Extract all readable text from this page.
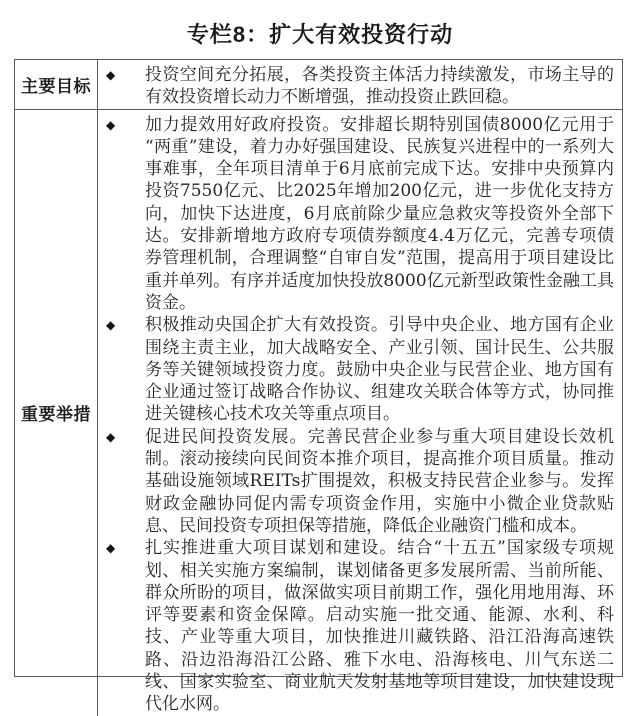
专栏8：扩大有效投资行动
主要目标
◆	投资空间充分拓展，各类投资主体活力持续激发，市场主导的有效投资增长动力不断增强，推动投资止跌回稳。
重要举措
◆	加力提效用好政府投资。安排超长期特别国债8000亿元用于“两重”建设，着力办好强国建设、民族复兴进程中的一系列大事难事，全年项目清单于6月底前完成下达。安排中央预算内投资7550亿元、比2025年增加200亿元，进一步优化支持方向，加快下达进度，6月底前除少量应急救灾等投资外全部下达。安排新增地方政府专项债券额度4.4万亿元，完善专项债券管理机制，合理调整“自审自发”范围，提高用于项目建设比重并单列。有序并适度加快投放8000亿元新型政策性金融工具资金。
◆	积极推动央国企扩大有效投资。引导中央企业、地方国有企业围绕主责主业，加大战略安全、产业引领、国计民生、公共服务等关键领域投资力度。鼓励中央企业与民营企业、地方国有企业通过签订战略合作协议、组建攻关联合体等方式，协同推进关键核心技术攻关等重点项目。
◆	促进民间投资发展。完善民营企业参与重大项目建设长效机制。滚动接续向民间资本推介项目，提高推介项目质量。推动基础设施领域REITs扩围提效，积极支持民营企业参与。发挥财政金融协同促内需专项资金作用，实施中小微企业贷款贴息、民间投资专项担保等措施，降低企业融资门槛和成本。
◆	扎实推进重大项目谋划和建设。结合“十五五”国家级专项规划、相关实施方案编制，谋划储备更多发展所需、当前所能、群众所盼的项目，做深做实项目前期工作，强化用地用海、环评等要素和资金保障。启动实施一批交通、能源、水利、科技、产业等重大项目，加快推进川藏铁路、沿江沿海高速铁路、沿边沿海沿江公路、雅下水电、沿海核电、川气东送二线、国家实验室、商业航天发射基地等项目建设，加快建设现代化水网。
